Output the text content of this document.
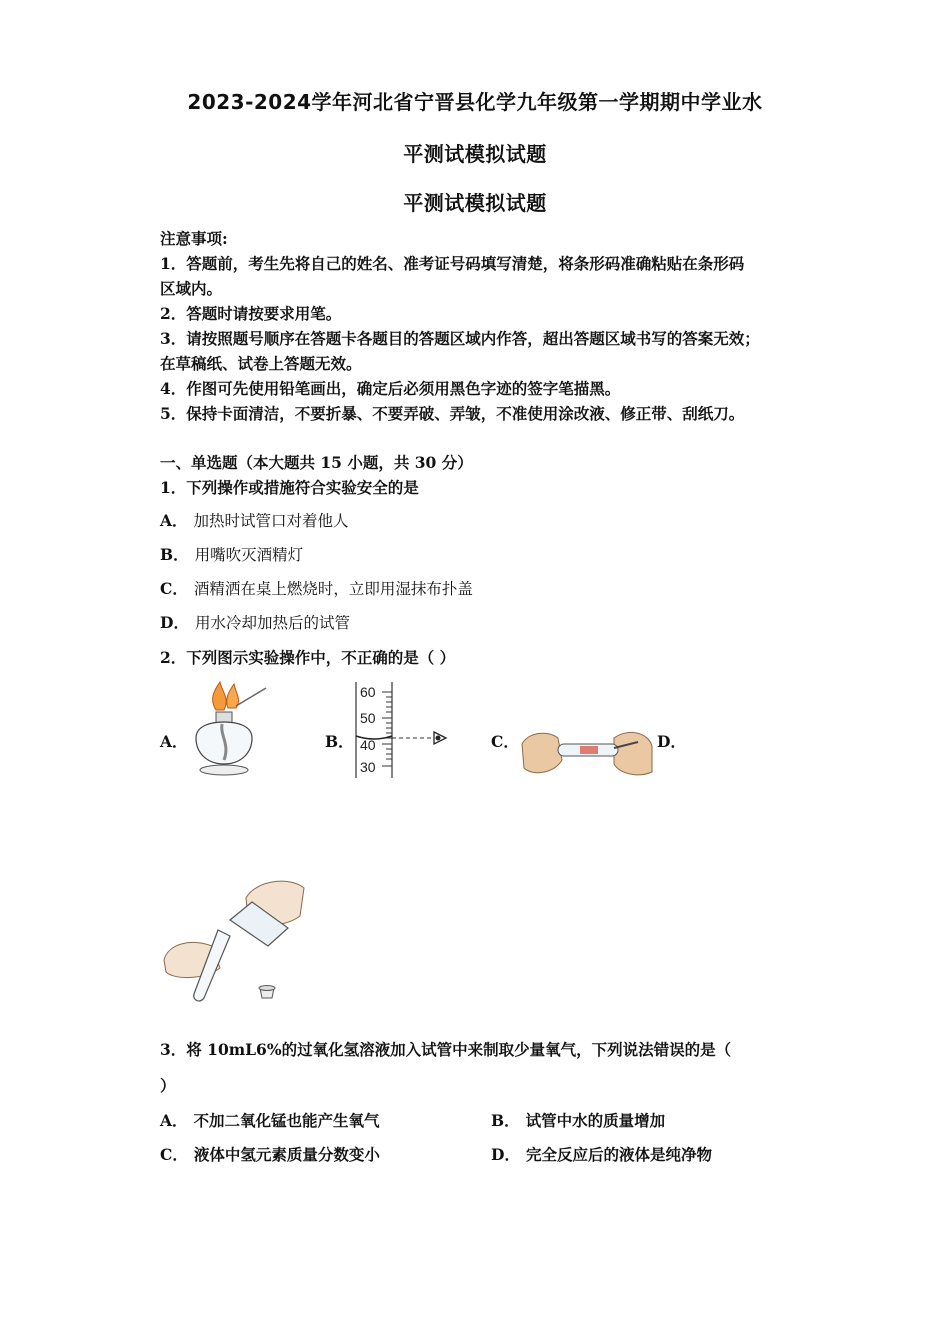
2023-2024学年河北省宁晋县化学九年级第一学期期中学业水
平测试模拟试题
平测试模拟试题
注意事项:
1．答题前，考生先将自己的姓名、准考证号码填写清楚，将条形码准确粘贴在条形码
区域内。
2．答题时请按要求用笔。
3．请按照题号顺序在答题卡各题目的答题区域内作答，超出答题区域书写的答案无效；
在草稿纸、试卷上答题无效。
4．作图可先使用铅笔画出，确定后必须用黑色字迹的签字笔描黑。
5．保持卡面清洁，不要折暴、不要弄破、弄皱，不准使用涂改液、修正带、刮纸刀。
一、单选题（本大题共 15 小题，共 30 分）
1．下列操作或措施符合实验安全的是
A． 加热时试管口对着他人
B． 用嘴吹灭酒精灯
C． 酒精洒在桌上燃烧时，立即用湿抹布扑盖
D． 用水冷却加热后的试管
2．下列图示实验操作中，不正确的是（ ）
A．	B．	C．	D．
60
50
40
30
3．将 10mL6%的过氧化氢溶液加入试管中来制取少量氧气，下列说法错误的是（
）
A． 不加二氧化锰也能产生氧气	B． 试管中水的质量增加
C． 液体中氢元素质量分数变小	D． 完全反应后的液体是纯净物
